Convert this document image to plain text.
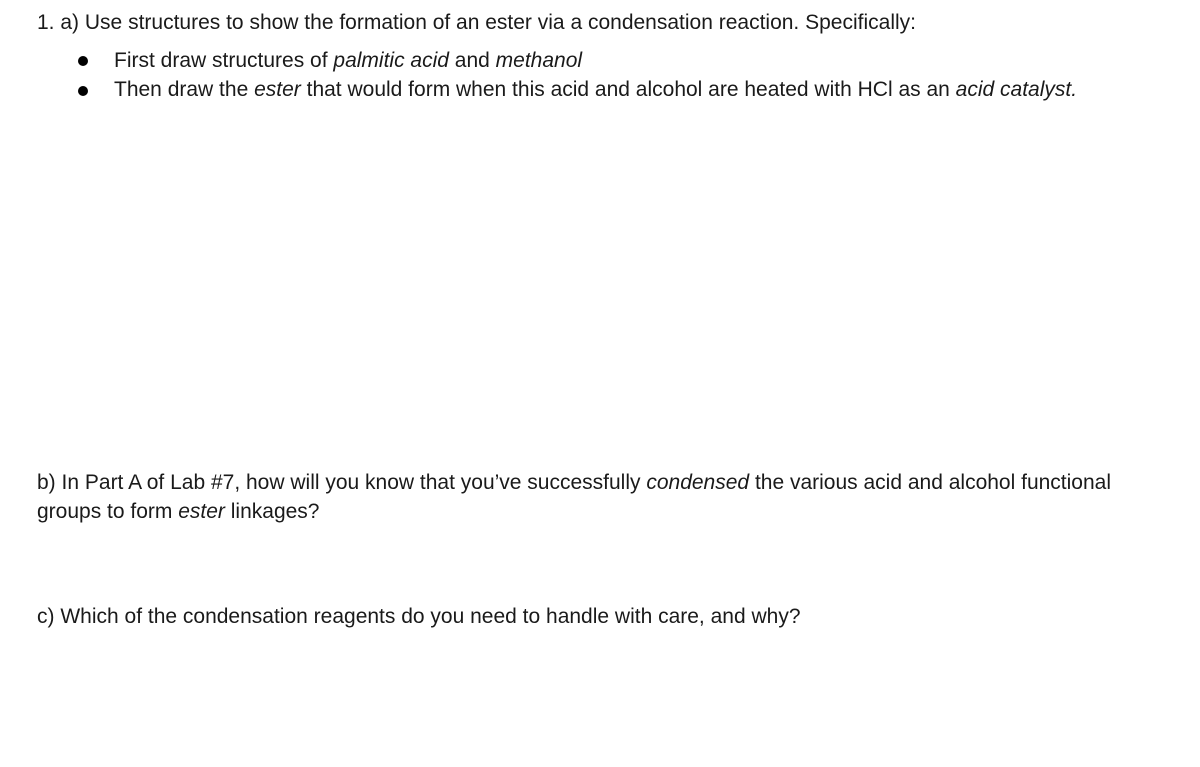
1. a) Use structures to show the formation of an ester via a condensation reaction. Specifically:
First draw structures of palmitic acid and methanol
Then draw the ester that would form when this acid and alcohol are heated with HCl as an acid catalyst.
b) In Part A of Lab #7, how will you know that you’ve successfully condensed the various acid and alcohol functional
groups to form ester linkages?
c) Which of the condensation reagents do you need to handle with care, and why?
